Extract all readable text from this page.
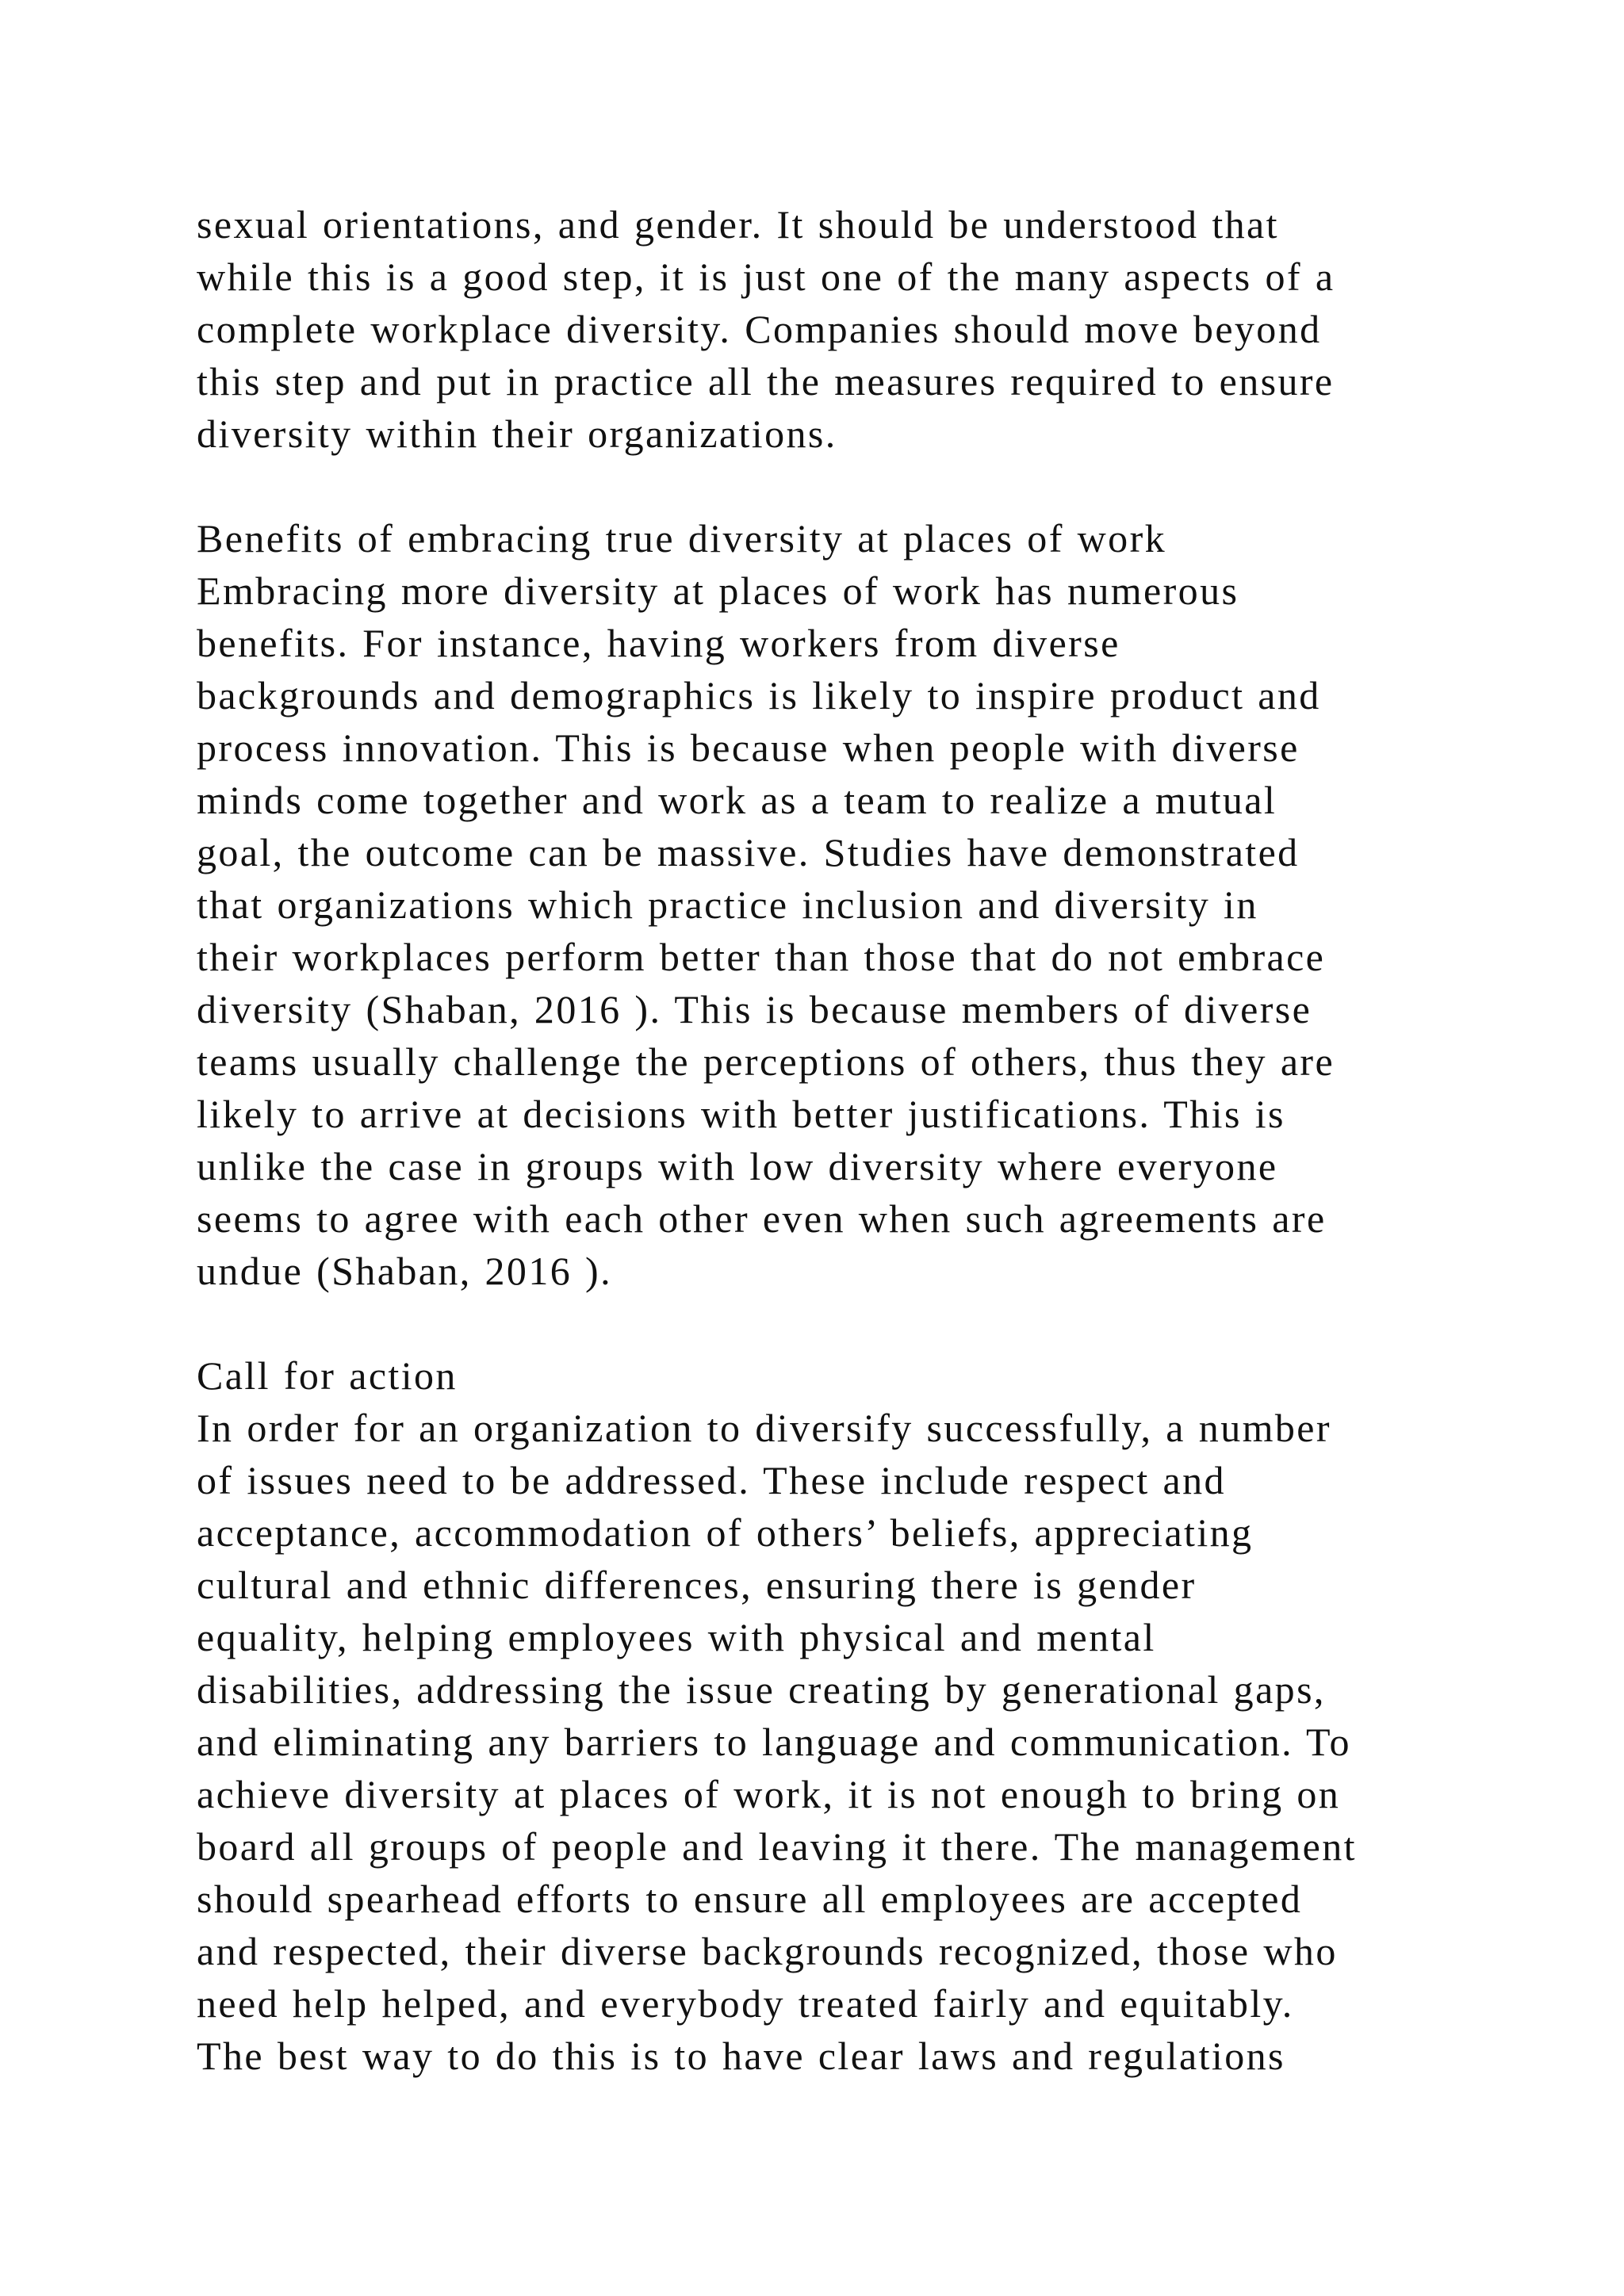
sexual orientations, and gender. It should be understood that
while this is a good step, it is just one of the many aspects of a
complete workplace diversity. Companies should move beyond
this step and put in practice all the measures required to ensure
diversity within their organizations.
Benefits of embracing true diversity at places of work
Embracing more diversity at places of work has numerous
benefits. For instance, having workers from diverse
backgrounds and demographics is likely to inspire product and
process innovation. This is because when people with diverse
minds come together and work as a team to realize a mutual
goal, the outcome can be massive. Studies have demonstrated
that organizations which practice inclusion and diversity in
their workplaces perform better than those that do not embrace
diversity (Shaban, 2016 ). This is because members of diverse
teams usually challenge the perceptions of others, thus they are
likely to arrive at decisions with better justifications. This is
unlike the case in groups with low diversity where everyone
seems to agree with each other even when such agreements are
undue (Shaban, 2016 ).
Call for action
In order for an organization to diversify successfully, a number
of issues need to be addressed. These include respect and
acceptance, accommodation of others’ beliefs, appreciating
cultural and ethnic differences, ensuring there is gender
equality, helping employees with physical and mental
disabilities, addressing the issue creating by generational gaps,
and eliminating any barriers to language and communication. To
achieve diversity at places of work, it is not enough to bring on
board all groups of people and leaving it there. The management
should spearhead efforts to ensure all employees are accepted
and respected, their diverse backgrounds recognized, those who
need help helped, and everybody treated fairly and equitably.
The best way to do this is to have clear laws and regulations
